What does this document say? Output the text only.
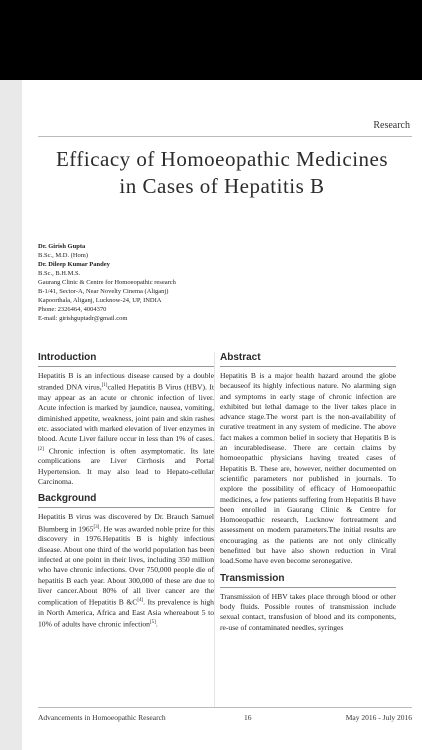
Research
Efficacy of Homoeopathic Medicines
in Cases of Hepatitis B
Dr. Girish Gupta
B.Sc., M.D. (Hom)
Dr. Dileep Kumar Pandey
B.Sc., B.H.M.S.
Gaurang Clinic & Centre for Homoeopathic research
B-1/41, Sector-A, Near Novelty Cinema (Aliganj)
Kapoorthala, Aliganj, Lucknow-24, UP, INDIA
Phone: 2326464, 4004370
E-mail: girishguptadr@gmail.com
Introduction

Hepatitis B is an infectious disease caused by a double stranded DNA virus,[1]called Hepatitis B Virus (HBV). It may appear as an acute or chronic infection of liver. Acute infection is marked by jaundice, nausea, vomiting, diminished appetite, weakness, joint pain and skin rashes etc. associated with marked elevation of liver enzymes in blood. Acute Liver failure occur in less than 1% of cases.[2] Chronic infection is often asymptomatic. Its late complications are Liver Cirrhosis and Portal Hypertension. It may also lead to Hepato-cellular Carcinoma.

Background

Hepatitis B virus was discovered by Dr. Brauch Samuel Blumberg in 1965[3]. He was awarded noble prize for this discovery in 1976.Hepatitis B is highly infectious disease. About one third of the world population has been infected at one point in their lives, including 350 million who have chronic infections. Over 750,000 people die of hepatitis B each year. About 300,000 of these are due to liver cancer.About 80% of all liver cancer are the complication of Hepatitis B &C[4]. Its prevalence is high in North America, Africa and East Asia whereabout 5 to 10% of adults have chronic infection[5].

Abstract

Hepatitis B is a major health hazard around the globe becauseof its highly infectious nature. No alarming sign and symptoms in early stage of chronic infection are exhibited but lethal damage to the liver takes place in advance stage.The worst part is the non-availability of curative treatment in any system of medicine. The above fact makes a common belief in society that Hepatitis B is an incurabledisease. There are certain claims by homoeopathic physicians having treated cases of Hepatitis B. These are, however, neither documented on scientific parameters nor published in journals. To explore the possibility of efficacy of Homoeopathic medicines, a few patients suffering from Hepatitis B have been enrolled in Gaurang Clinic & Centre for Homoeopathic research, Lucknow fortreatment and assessment on modern parameters.The initial results are encouraging as the patients are not only clinically benefitted but have also shown reduction in Viral load.Some have even become seronegative.

Transmission

Transmission of HBV takes place through blood or other body fluids. Possible routes of transmission include sexual contact, transfusion of blood and its components, re-use of contaminated needles, syringes

Advancements in Homoeopathic Research	16	May 2016 - July 2016
